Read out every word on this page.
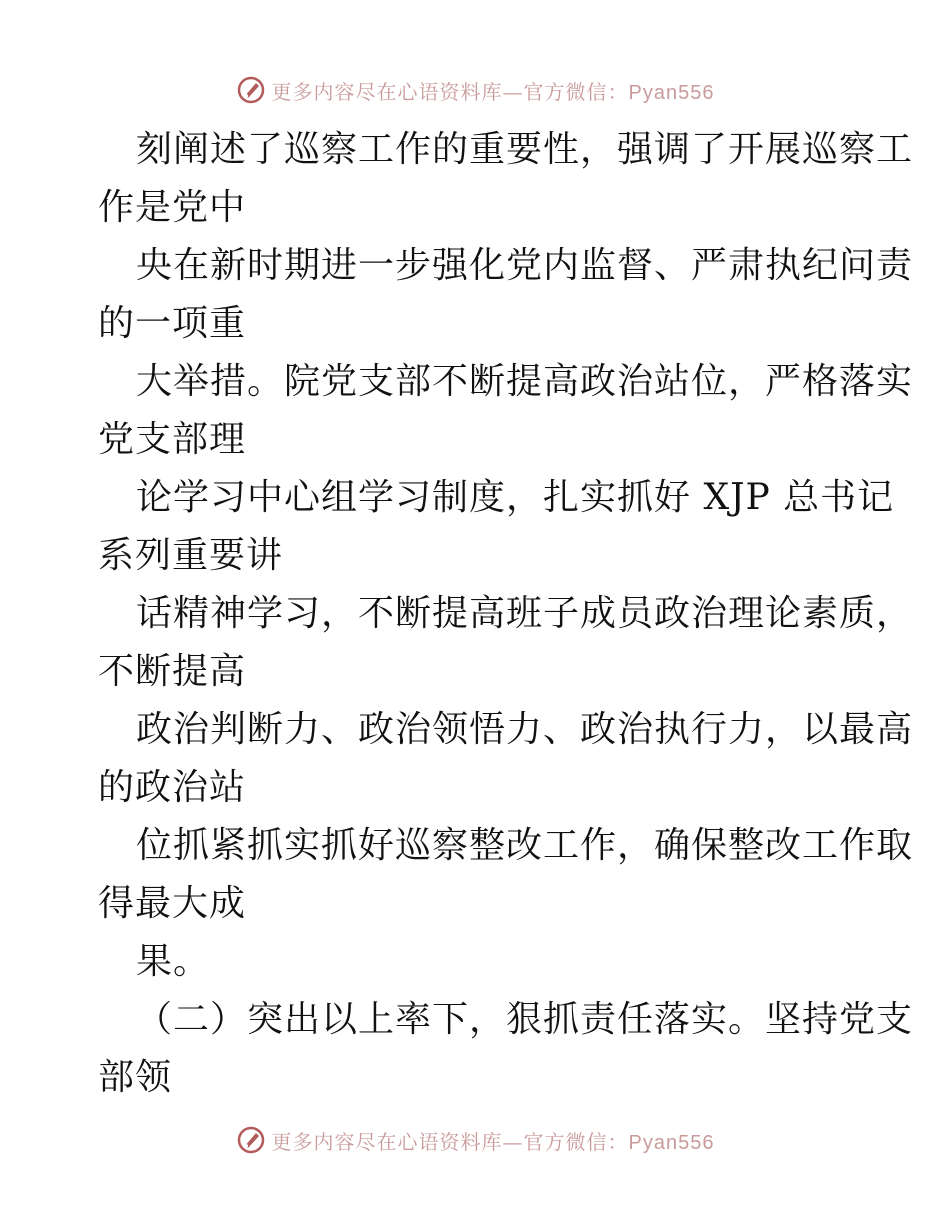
更多内容尽在心语资料库—官方微信：Pyan556
刻阐述了巡察工作的重要性，强调了开展巡察工
作是党中
央在新时期进一步强化党内监督、严肃执纪问责
的一项重
大举措。院党支部不断提高政治站位，严格落实
党支部理
论学习中心组学习制度，扎实抓好 XJP 总书记
系列重要讲
话精神学习，不断提高班子成员政治理论素质，
不断提高
政治判断力、政治领悟力、政治执行力，以最高
的政治站
位抓紧抓实抓好巡察整改工作，确保整改工作取
得最大成
果。
（二）突出以上率下，狠抓责任落实。坚持党支
部领
更多内容尽在心语资料库—官方微信：Pyan556
